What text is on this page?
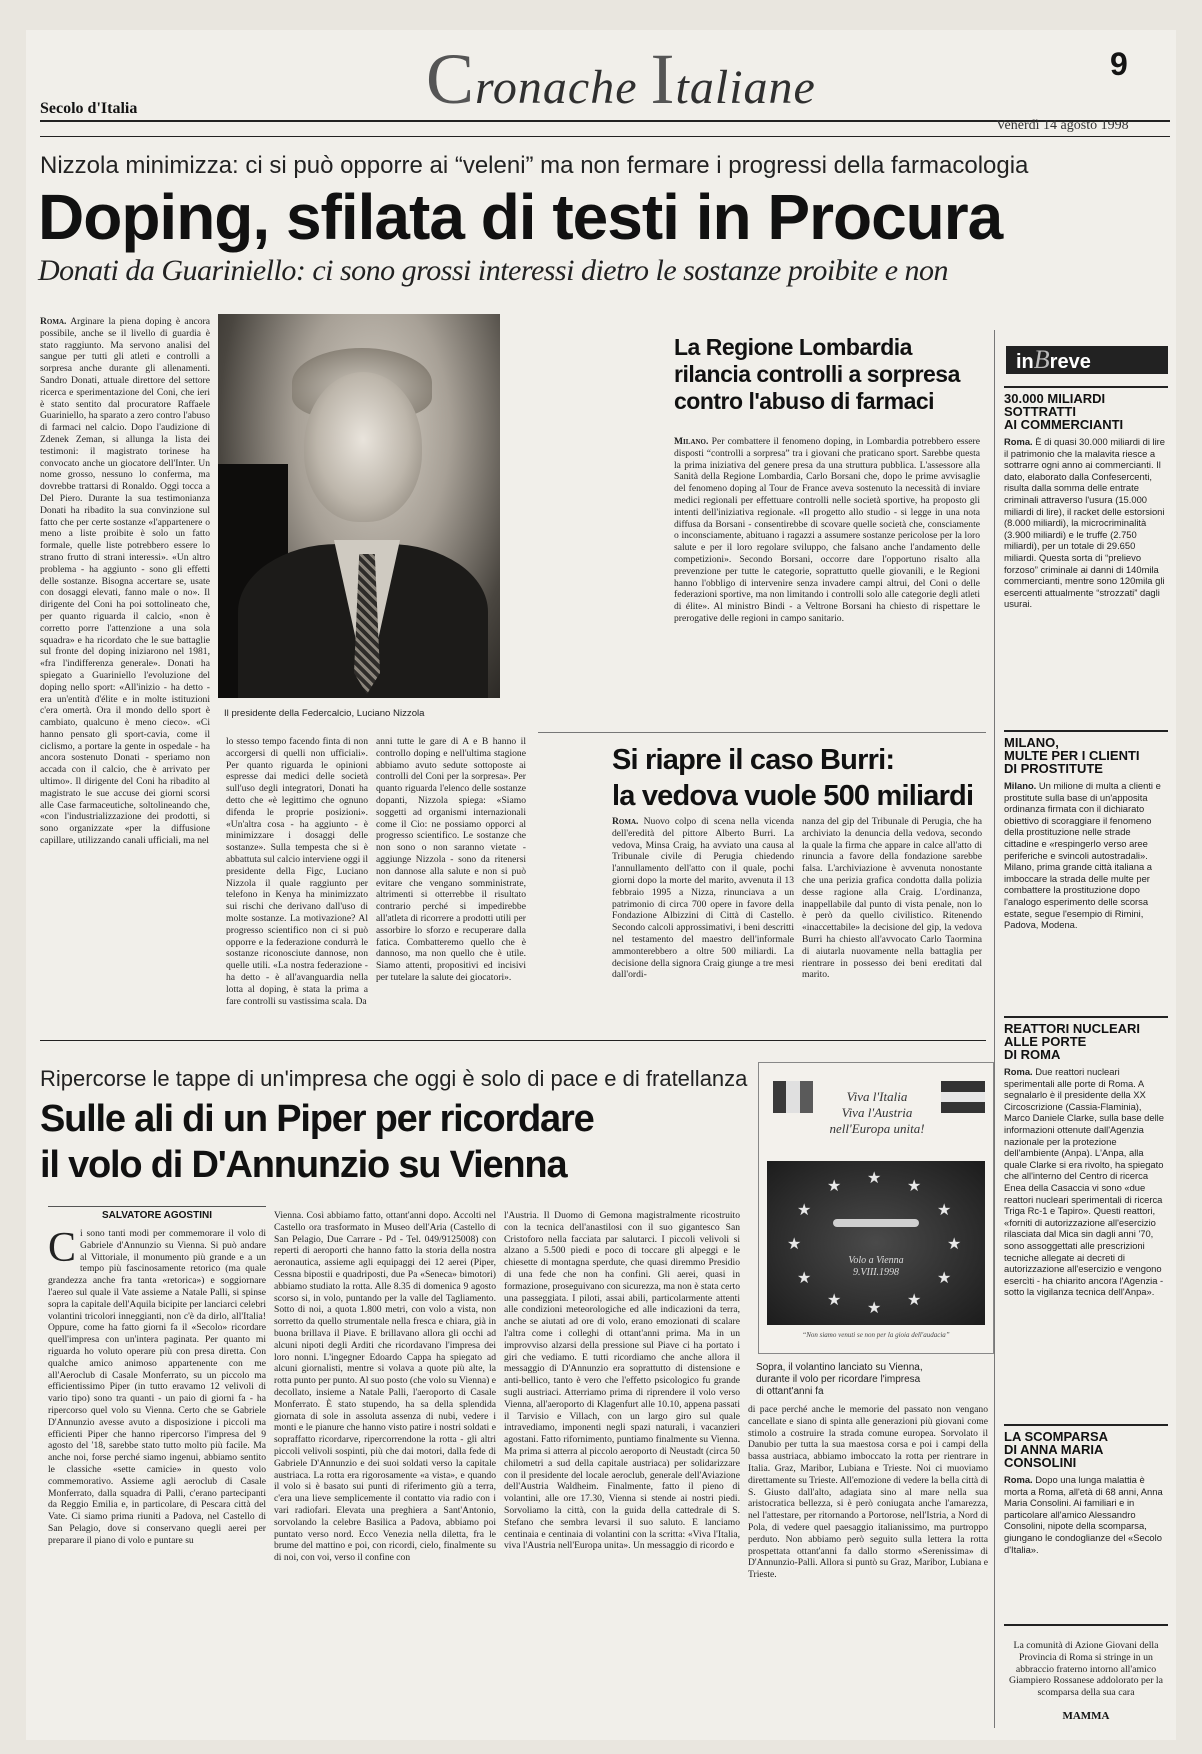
Cronache Italiane	9
Secolo d'Italia
Venerdì 14 agosto 1998
Nizzola minimizza: ci si può opporre ai “veleni” ma non fermare i progressi della farmacologia
Doping, sfilata di testi in Procura
Donati da Guariniello: ci sono grossi interessi dietro le sostanze proibite e non
Roma. Arginare la piena doping è ancora possibile, anche se il livello di guardia è stato raggiunto. Ma servono analisi del sangue per tutti gli atleti e controlli a sorpresa anche durante gli allenamenti. Sandro Donati, attuale direttore del settore ricerca e sperimentazione del Coni, che ieri è stato sentito dal procuratore Raffaele Guariniello, ha sparato a zero contro l'abuso di farmaci nel calcio. Dopo l'audizione di Zdenek Zeman, si allunga la lista dei testimoni: il magistrato torinese ha convocato anche un giocatore dell'Inter. Un nome grosso, nessuno lo conferma, ma dovrebbe trattarsi di Ronaldo. Oggi tocca a Del Piero. Durante la sua testimonianza Donati ha ribadito la sua convinzione sul fatto che per certe sostanze «l'appartenere o meno a liste proibite è solo un fatto formale, quelle liste potrebbero essere lo strano frutto di strani interessi». «Un altro problema - ha aggiunto - sono gli effetti delle sostanze. Bisogna accertare se, usate con dosaggi elevati, fanno male o no». Il dirigente del Coni ha poi sottolineato che, per quanto riguarda il calcio, «non è corretto porre l'attenzione a una sola squadra» e ha ricordato che le sue battaglie sul fronte del doping iniziarono nel 1981, «fra l'indifferenza generale». Donati ha spiegato a Guariniello l'evoluzione del doping nello sport: «All'inizio - ha detto - era un'entità d'élite e in molte istituzioni c'era omertà. Ora il mondo dello sport è cambiato, qualcuno è meno cieco». «Ci hanno pensato gli sport-cavia, come il ciclismo, a portare la gente in ospedale - ha ancora sostenuto Donati - speriamo non accada con il calcio, che è arrivato per ultimo». Il dirigente del Coni ha ribadito al magistrato le sue accuse dei giorni scorsi alle Case farmaceutiche, soltolineando che, «con l'industrializzazione dei prodotti, si sono organizzate «per la diffusione capillare, utilizzando canali ufficiali, ma nel
Il presidente della Federcalcio, Luciano Nizzola
lo stesso tempo facendo finta di non accorgersi di quelli non ufficiali». Per quanto riguarda le opinioni espresse dai medici delle società sull'uso degli integratori, Donati ha detto che «è legittimo che ognuno difenda le proprie posizioni». «Un'altra cosa - ha aggiunto - è minimizzare i dosaggi delle sostanze». Sulla tempesta che si è abbattuta sul calcio interviene oggi il presidente della Figc, Luciano Nizzola il quale raggiunto per telefono in Kenya ha minimizzato sui rischi che derivano dall'uso di molte sostanze. La motivazione? Al progresso scientifico non ci si può opporre e la federazione condurrà le sostanze riconosciute dannose, non quelle utili. «La nostra federazione - ha detto - è all'avanguardia nella lotta al doping, è stata la prima a fare controlli su vastissima scala. Da
anni tutte le gare di A e B hanno il controllo doping e nell'ultima stagione abbiamo avuto sedute sottoposte ai controlli del Coni per la sorpresa». Per quanto riguarda l'elenco delle sostanze dopanti, Nizzola spiega: «Siamo soggetti ad organismi internazionali come il Cio: ne possiamo opporci al progresso scientifico. Le sostanze che non sono o non saranno vietate - aggiunge Nizzola - sono da ritenersi non dannose alla salute e non si può evitare che vengano somministrate, altrimenti si otterrebbe il risultato contrario perché si impedirebbe all'atleta di ricorrere a prodotti utili per assorbire lo sforzo e recuperare dalla fatica. Combatteremo quello che è dannoso, ma non quello che è utile. Siamo attenti, propositivi ed incisivi per tutelare la salute dei giocatori».
La Regione Lombardia
rilancia controlli a sorpresa
contro l'abuso di farmaci
Milano. Per combattere il fenomeno doping, in Lombardia potrebbero essere disposti “controlli a sorpresa” tra i giovani che praticano sport. Sarebbe questa la prima iniziativa del genere presa da una struttura pubblica. L'assessore alla Sanità della Regione Lombardia, Carlo Borsani che, dopo le prime avvisaglie del fenomeno doping al Tour de France aveva sostenuto la necessità di inviare medici regionali per effettuare controlli nelle società sportive, ha proposto gli intenti dell'iniziativa regionale. «Il progetto allo studio - si legge in una nota diffusa da Borsani - consentirebbe di scovare quelle società che, consciamente o inconsciamente, abituano i ragazzi a assumere sostanze pericolose per la loro salute e per il loro regolare sviluppo, che falsano anche l'andamento delle competizioni». Secondo Borsani, occorre dare l'opportuno risalto alla prevenzione per tutte le categorie, soprattutto quelle giovanili, e le Regioni hanno l'obbligo di intervenire senza invadere campi altrui, del Coni o delle federazioni sportive, ma non limitando i controlli solo alle categorie degli atleti di élite». Al ministro Bindi - a Veltrone Borsani ha chiesto di rispettare le prerogative delle regioni in campo sanitario.
Si riapre il caso Burri:
la vedova vuole 500 miliardi
Roma. Nuovo colpo di scena nella vicenda dell'eredità del pittore Alberto Burri. La vedova, Minsa Craig, ha avviato una causa al Tribunale civile di Perugia chiedendo l'annullamento dell'atto con il quale, pochi giorni dopo la morte del marito, avvenuta il 13 febbraio 1995 a Nizza, rinunciava a un patrimonio di circa 700 opere in favore della Fondazione Albizzini di Città di Castello. Secondo calcoli approssimativi, i beni descritti nel testamento del maestro dell'informale ammonterebbero a oltre 500 miliardi. La decisione della signora Craig giunge a tre mesi dall'ordi-
nanza del gip del Tribunale di Perugia, che ha archiviato la denuncia della vedova, secondo la quale la firma che appare in calce all'atto di rinuncia a favore della fondazione sarebbe falsa. L'archiviazione è avvenuta nonostante che una perizia grafica condotta dalla polizia desse ragione alla Craig. L'ordinanza, inappellabile dal punto di vista penale, non lo è però da quello civilistico. Ritenendo «inaccettabile» la decisione del gip, la vedova Burri ha chiesto all'avvocato Carlo Taormina di aiutarla nuovamente nella battaglia per rientrare in possesso dei beni ereditati dal marito.
Ripercorse le tappe di un'impresa che oggi è solo di pace e di fratellanza
Sulle ali di un Piper per ricordare
il volo di D'Annunzio su Vienna
SALVATORE AGOSTINI
Ci sono tanti modi per commemorare il volo di Gabriele d'Annunzio su Vienna. Si può andare al Vittoriale, il monumento più grande e a un tempo più fascinosamente retorico (ma quale grandezza anche fra tanta «retorica») e soggiornare l'aereo sul quale il Vate assieme a Natale Palli, si spinse sopra la capitale dell'Aquila bicipite per lanciarci celebri volantini tricolori inneggianti, non c'è da dirlo, all'Italia! Oppure, come ha fatto giorni fa il «Secolo» ricordare quell'impresa con un'intera paginata. Per quanto mi riguarda ho voluto operare più con presa diretta. Con qualche amico animoso appartenente con me all'Aeroclub di Casale Monferrato, su un piccolo ma efficientissimo Piper (in tutto eravamo 12 velivoli di vario tipo) sono tra quanti - un paio di giorni fa - ha ripercorso quel volo su Vienna. Certo che se Gabriele D'Annunzio avesse avuto a disposizione i piccoli ma efficienti Piper che hanno ripercorso l'impresa del 9 agosto del '18, sarebbe stato tutto molto più facile. Ma anche noi, forse perché siamo ingenui, abbiamo sentito le classiche «sette camicie» in questo volo commemorativo. Assieme agli aeroclub di Casale Monferrato, dalla squadra di Palli, c'erano partecipanti da Reggio Emilia e, in particolare, di Pescara città del Vate. Ci siamo prima riuniti a Padova, nel Castello di San Pelagio, dove si conservano quegli aerei per preparare il piano di volo e puntare su
Vienna. Così abbiamo fatto, ottant'anni dopo. Accolti nel Castello ora trasformato in Museo dell'Aria (Castello di San Pelagio, Due Carrare - Pd - Tel. 049/9125008) con reperti di aeroporti che hanno fatto la storia della nostra aeronautica, assieme agli equipaggi dei 12 aerei (Piper, Cessna bipostii e quadriposti, due Pa «Seneca» bimotori) abbiamo studiato la rotta. Alle 8.35 di domenica 9 agosto scorso si, in volo, puntando per la valle del Tagliamento. Sotto di noi, a quota 1.800 metri, con volo a vista, non sorretto da quello strumentale nella fresca e chiara, già in buona brillava il Piave. E brillavano allora gli occhi ad alcuni nipoti degli Arditi che ricordavano l'impresa dei loro nonni. L'ingegner Edoardo Cappa ha spiegato ad alcuni giornalisti, mentre si volava a quote più alte, la rotta punto per punto. Al suo posto (che volo su Vienna) e decollato, insieme a Natale Palli, l'aeroporto di Casale Monferrato. È stato stupendo, ha sa della splendida giornata di sole in assoluta assenza di nubi, vedere i monti e le pianure che hanno visto patire i nostri soldati e sopraffatto ricordarve, ripercorrendone la rotta - gli altri piccoli velivoli sospinti, più che dai motori, dalla fede di Gabriele D'Annunzio e dei suoi soldati verso la capitale austriaca. La rotta era rigorosamente «a vista», e quando il volo si è basato sui punti di riferimento giù a terra, c'era una lieve semplicemente il contatto via radio con i vari radiofari. Elevata una preghiera a Sant'Antonio, sorvolando la celebre Basilica a Padova, abbiamo poi puntato verso nord. Ecco Venezia nella diletta, fra le brume del mattino e poi, con ricordi, cielo, finalmente su di noi, con voi, verso il confine con
l'Austria. Il Duomo di Gemona magistralmente ricostruito con la tecnica dell'anastilosi con il suo gigantesco San Cristoforo nella facciata par salutarci. I piccoli velivoli si alzano a 5.500 piedi e poco di toccare gli alpeggi e le chiesette di montagna sperdute, che quasi diremmo Presidio di una fede che non ha confini. Gli aerei, quasi in formazione, proseguivano con sicurezza, ma non è stata certo una passeggiata. I piloti, assai abili, particolarmente attenti alle condizioni meteorologiche ed alle indicazioni da terra, anche se aiutati ad ore di volo, erano emozionati di scalare l'altra come i colleghi di ottant'anni prima. Ma in un improvviso alzarsi della pressione sul Piave ci ha portato i giri che vediamo. E tutti ricordiamo che anche allora il messaggio di D'Annunzio era soprattutto di distensione e anti-bellico, tanto è vero che l'effetto psicologico fu grande sugli austriaci. Atterriamo prima di riprendere il volo verso Vienna, all'aeroporto di Klagenfurt alle 10.10, appena passati il Tarvisio e Villach, con un largo giro sul quale intravediamo, imponenti negli spazi naturali, i vacanzieri agostani. Fatto rifornimento, puntiamo finalmente su Vienna. Ma prima si atterra al piccolo aeroporto di Neustadt (circa 50 chilometri a sud della capitale austriaca) per solidarizzare con il presidente del locale aeroclub, generale dell'Aviazione dell'Austria Waldheim. Finalmente, fatto il pieno di volantini, alle ore 17.30, Vienna si stende ai nostri piedi. Sorvoliamo la città, con la guida della cattedrale di S. Stefano che sembra levarsi il suo saluto. E lanciamo centinaia e centinaia di volantini con la scritta: «Viva l'Italia, viva l'Austria nell'Europa unita». Un messaggio di ricordo e
Viva l'Italia
Viva l'Austria
nell'Europa unita!
★ ★
★
★
★
★
★
★
★
★
★
★
Volo a Vienna
9.VIII.1998
“Non siamo venuti se non per la gioia dell'audacia”
Sopra, il volantino lanciato su Vienna,
durante il volo per ricordare l'impresa
di ottant'anni fa
di pace perché anche le memorie del passato non vengano cancellate e siano di spinta alle generazioni più giovani come stimolo a costruire la strada comune europea. Sorvolato il Danubio per tutta la sua maestosa corsa e poi i campi della bassa austriaca, abbiamo imboccato la rotta per rientrare in Italia. Graz, Maribor, Lubiana e Trieste. Noi ci muoviamo direttamente su Trieste. All'emozione di vedere la bella città di S. Giusto dall'alto, adagiata sino al mare nella sua aristocratica bellezza, si è però coniugata anche l'amarezza, nel l'attestare, per ritornando a Portorose, nell'Istria, a Nord di Pola, di vedere quel paesaggio italianissimo, ma purtroppo perduto. Non abbiamo però seguito sulla lettera la rotta prospettata ottant'anni fa dallo stormo «Serenissima» di D'Annunzio-Palli. Allora si puntò su Graz, Maribor, Lubiana e Trieste.
inBreve
30.000 MILIARDI
SOTTRATTI
AI COMMERCIANTI
Roma. È di quasi 30.000 miliardi di lire il patrimonio che la malavita riesce a sottrarre ogni anno ai commercianti. Il dato, elaborato dalla Confesercenti, risulta dalla somma delle entrate criminali attraverso l'usura (15.000 miliardi di lire), il racket delle estorsioni (8.000 miliardi), la microcriminalità (3.900 miliardi) e le truffe (2.750 miliardi), per un totale di 29.650 miliardi. Questa sorta di “prelievo forzoso” criminale ai danni di 140mila commercianti, mentre sono 120mila gli esercenti attualmente “strozzati” dagli usurai.
MILANO,
MULTE PER I CLIENTI
DI PROSTITUTE
Milano. Un milione di multa a clienti e prostitute sulla base di un'apposita ordinanza firmata con il dichiarato obiettivo di scoraggiare il fenomeno della prostituzione nelle strade cittadine e «respingerlo verso aree periferiche e svincoli autostradali». Milano, prima grande città italiana a imboccare la strada delle multe per combattere la prostituzione dopo l'analogo esperimento delle scorsa estate, segue l'esempio di Rimini, Padova, Modena.
REATTORI NUCLEARI
ALLE PORTE
DI ROMA
Roma. Due reattori nucleari sperimentali alle porte di Roma. A segnalarlo è il presidente della XX Circoscrizione (Cassia-Flaminia), Marco Daniele Clarke, sulla base delle informazioni ottenute dall'Agenzia nazionale per la protezione dell'ambiente (Anpa). L'Anpa, alla quale Clarke si era rivolto, ha spiegato che all'interno del Centro di ricerca Enea della Casaccia vi sono «due reattori nucleari sperimentali di ricerca Triga Rc-1 e Tapiro». Questi reattori, «forniti di autorizzazione all'esercizio rilasciata dal Mica sin dagli anni '70, sono assoggettati alle prescrizioni tecniche allegate ai decreti di autorizzazione all'esercizio e vengono esercìti - ha chiarito ancora l'Agenzia - sotto la vigilanza tecnica dell'Anpa».
LA SCOMPARSA
DI ANNA MARIA
CONSOLINI
Roma. Dopo una lunga malattia è morta a Roma, all'età di 68 anni, Anna Maria Consolini. Ai familiari e in particolare all'amico Alessandro Consolini, nipote della scomparsa, giungano le condoglianze del «Secolo d'Italia».
La comunità di Azione Giovani della Provincia di Roma si stringe in un abbraccio fraterno intorno all'amico Giampiero Rossanese addolorato per la scomparsa della sua cara
MAMMA
